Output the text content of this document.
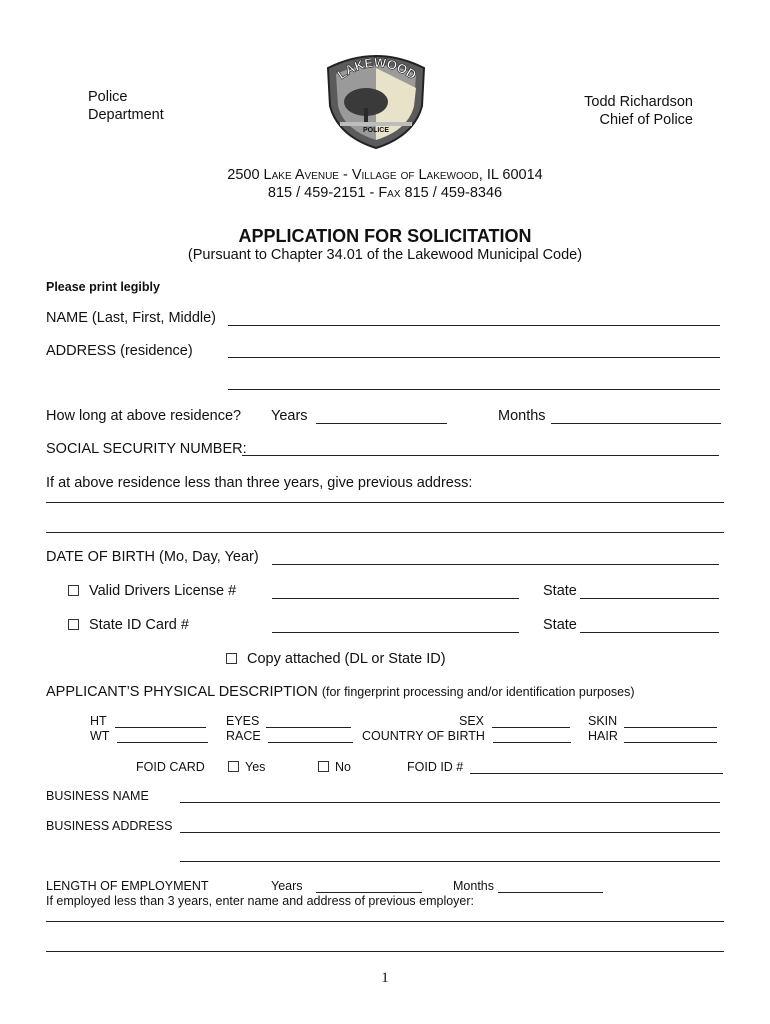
Police
Department
LAKEWOOD
POLICE
Todd Richardson
Chief of Police
2500 Lake Avenue - Village of Lakewood, IL 60014
815 / 459-2151 - Fax 815 / 459-8346
APPLICATION FOR SOLICITATION
(Pursuant to Chapter 34.01 of the Lakewood Municipal Code)
Please print legibly
NAME (Last, First, Middle)
ADDRESS (residence)
How long at above residence? Years	Months
SOCIAL SECURITY NUMBER:
If at above residence less than three years, give previous address:
DATE OF BIRTH (Mo, Day, Year)
Valid Drivers License #	State
State ID Card #	State
Copy attached (DL or State ID)
APPLICANT’S PHYSICAL DESCRIPTION (for fingerprint processing and/or identification purposes)
HT	EYES	SEX	SKIN
WT	RACE	COUNTRY OF BIRTH	HAIR
FOID CARD	Yes	No	FOID ID #
BUSINESS NAME
BUSINESS ADDRESS
LENGTH OF EMPLOYMENT	Years	Months
If employed less than 3 years, enter name and address of previous employer:
1
